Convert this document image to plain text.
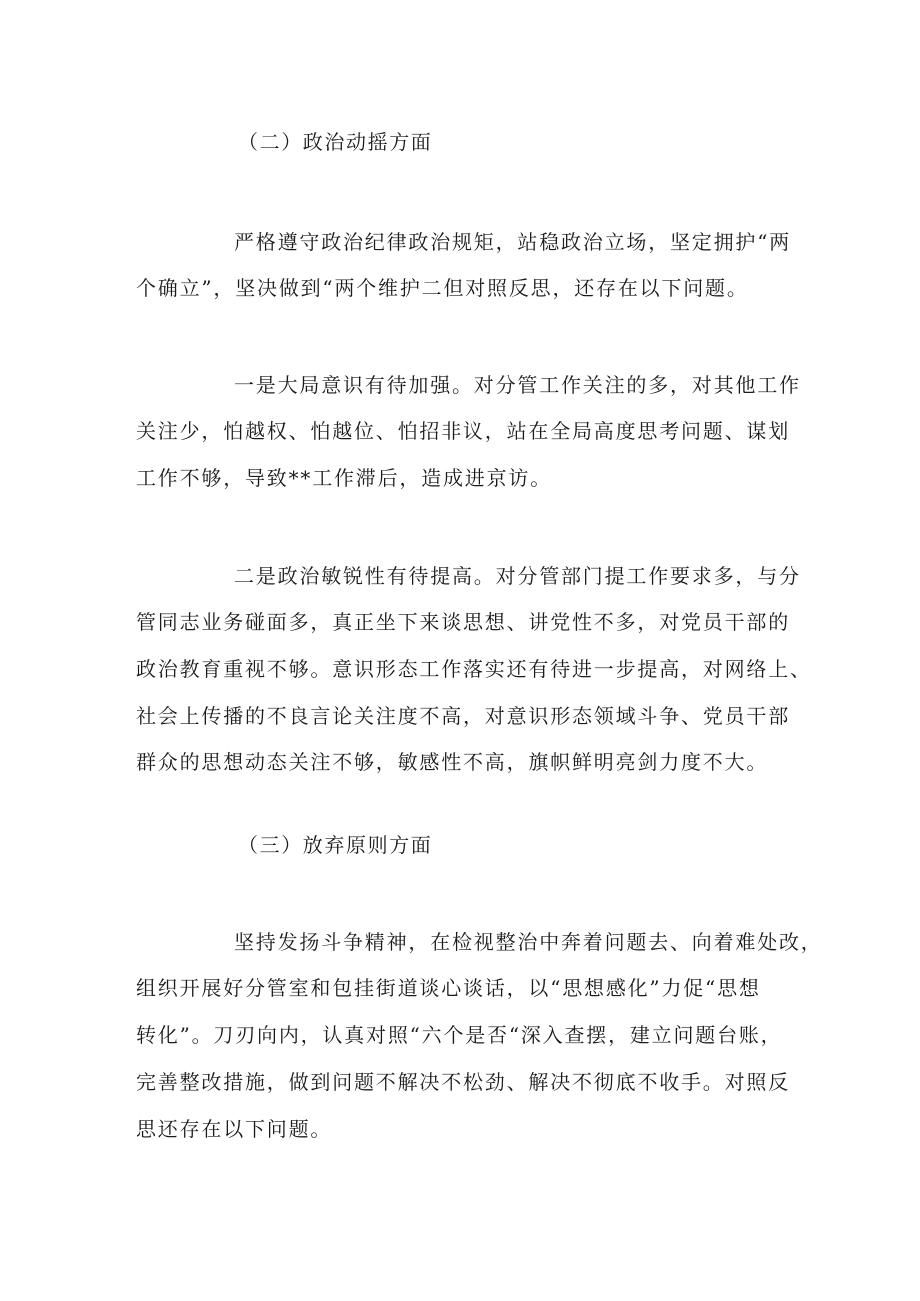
（二）政治动摇方面

严格遵守政治纪律政治规矩，站稳政治立场，坚定拥护“两

个确立”，坚决做到“两个维护二但对照反思，还存在以下问题。

一是大局意识有待加强。对分管工作关注的多，对其他工作

关注少，怕越权、怕越位、怕招非议，站在全局高度思考问题、谋划

工作不够，导致**工作滞后，造成进京访。

二是政治敏锐性有待提高。对分管部门提工作要求多，与分

管同志业务碰面多，真正坐下来谈思想、讲党性不多，对党员干部的

政治教育重视不够。意识形态工作落实还有待进一步提高，对网络上、

社会上传播的不良言论关注度不高，对意识形态领域斗争、党员干部

群众的思想动态关注不够，敏感性不高，旗帜鲜明亮剑力度不大。

（三）放弃原则方面

坚持发扬斗争精神，在检视整治中奔着问题去、向着难处改，

组织开展好分管室和包挂街道谈心谈话，以“思想感化”力促“思想

转化”。刀刃向内，认真对照“六个是否“深入查摆，建立问题台账，

完善整改措施，做到问题不解决不松劲、解决不彻底不收手。对照反

思还存在以下问题。
